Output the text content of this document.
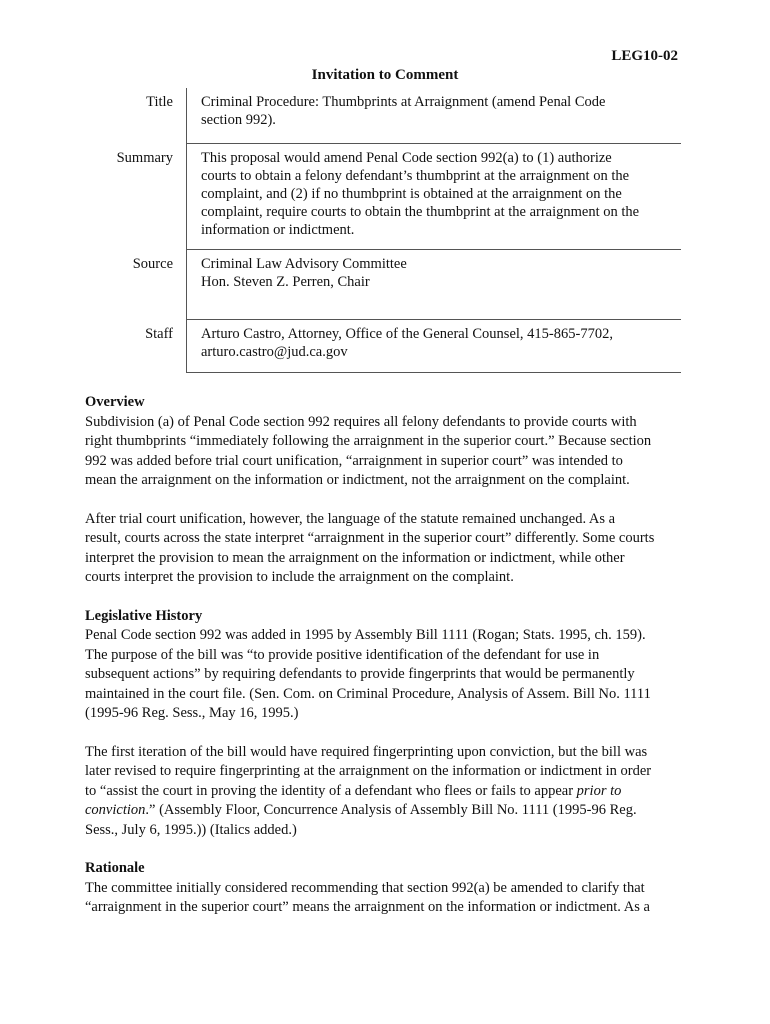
LEG10-02
Invitation to Comment
Title	Criminal Procedure: Thumbprints at Arraignment (amend Penal Code
section 992).
Summary	This proposal would amend Penal Code section 992(a) to (1) authorize
courts to obtain a felony defendant’s thumbprint at the arraignment on the
complaint, and (2) if no thumbprint is obtained at the arraignment on the
complaint, require courts to obtain the thumbprint at the arraignment on the
information or indictment.
Source	Criminal Law Advisory Committee
Hon. Steven Z. Perren, Chair
Staff	Arturo Castro, Attorney, Office of the General Counsel, 415-865-7702,
arturo.castro@jud.ca.gov

Overview

Subdivision (a) of Penal Code section 992 requires all felony defendants to provide courts with
right thumbprints “immediately following the arraignment in the superior court.” Because section
992 was added before trial court unification, “arraignment in superior court” was intended to
mean the arraignment on the information or indictment, not the arraignment on the complaint.

After trial court unification, however, the language of the statute remained unchanged. As a
result, courts across the state interpret “arraignment in the superior court” differently. Some courts
interpret the provision to mean the arraignment on the information or indictment, while other
courts interpret the provision to include the arraignment on the complaint.

Legislative History

Penal Code section 992 was added in 1995 by Assembly Bill 1111 (Rogan; Stats. 1995, ch. 159).
The purpose of the bill was “to provide positive identification of the defendant for use in
subsequent actions” by requiring defendants to provide fingerprints that would be permanently
maintained in the court file. (Sen. Com. on Criminal Procedure, Analysis of Assem. Bill No. 1111
(1995-96 Reg. Sess., May 16, 1995.)

The first iteration of the bill would have required fingerprinting upon conviction, but the bill was
later revised to require fingerprinting at the arraignment on the information or indictment in order
to “assist the court in proving the identity of a defendant who flees or fails to appear prior to
conviction.” (Assembly Floor, Concurrence Analysis of Assembly Bill No. 1111 (1995-96 Reg.
Sess., July 6, 1995.)) (Italics added.)

Rationale

The committee initially considered recommending that section 992(a) be amended to clarify that
“arraignment in the superior court” means the arraignment on the information or indictment. As a
